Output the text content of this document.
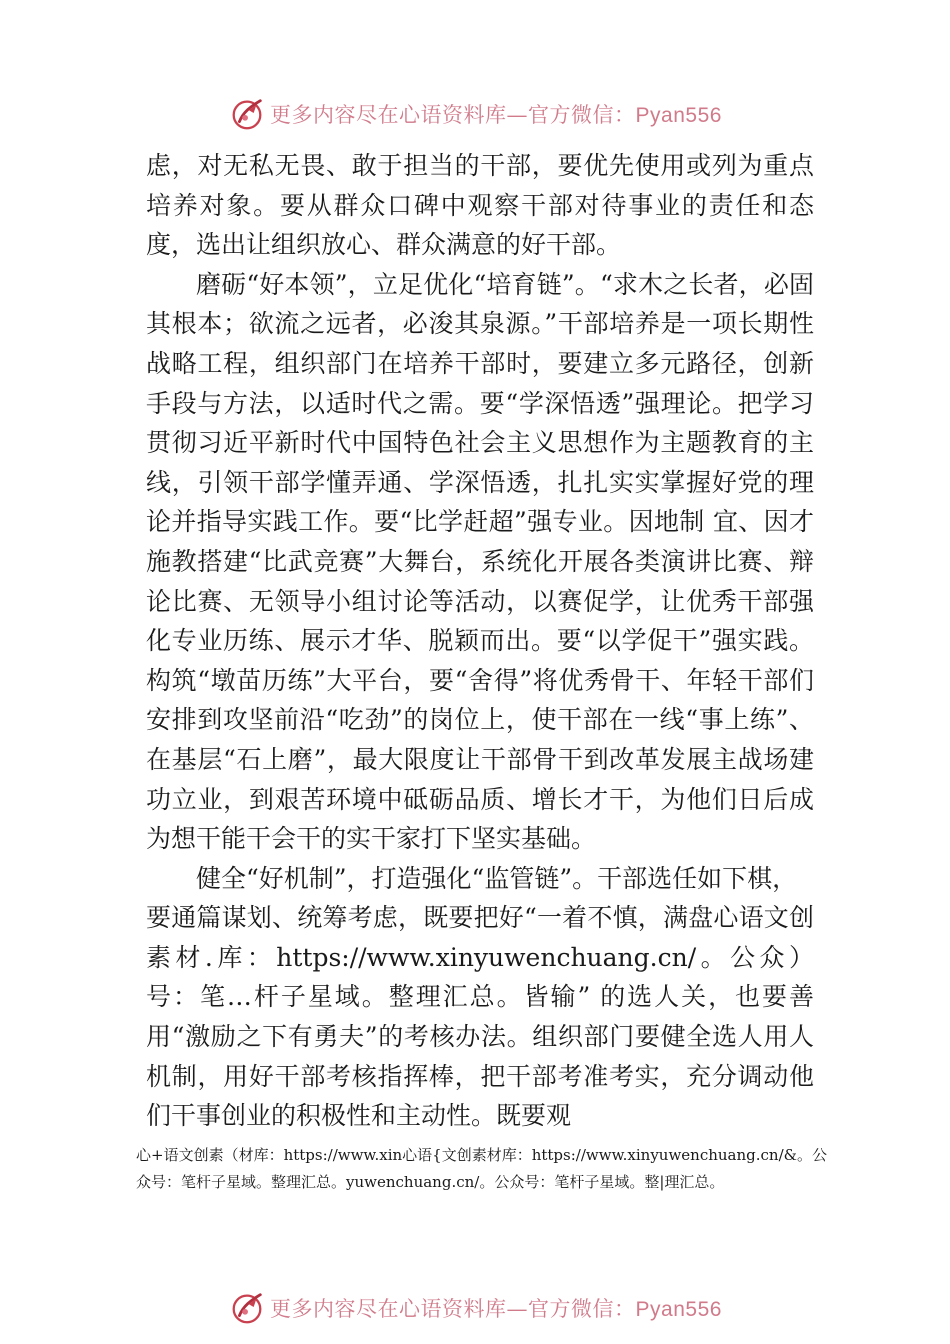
更多内容尽在心语资料库—官方微信：Pyan556

虑，对无私无畏、敢于担当的干部，要优先使用或列为重点培养对象。要从群众口碑中观察干部对待事业的责任和态度，选出让组织放心、群众满意的好干部。

磨砺“好本领”，立足优化“培育链”。“求木之长者，必固其根本；欲流之远者，必浚其泉源。”干部培养是一项长期性战略工程，组织部门在培养干部时，要建立多元路径，创新手段与方法，以适时代之需。要“学深悟透”强理论。把学习贯彻习近平新时代中国特色社会主义思想作为主题教育的主线，引领干部学懂弄通、学深悟透，扎扎实实掌握好党的理论并指导实践工作。要“比学赶超”强专业。因地制 宜、因才施教搭建“比武竞赛”大舞台，系统化开展各类演讲比赛、辩论比赛、无领导小组讨论等活动，以赛促学，让优秀干部强化专业历练、展示才华、脱颖而出。要“以学促干”强实践。构筑“墩苗历练”大平台，要“舍得”将优秀骨干、年轻干部们安排到攻坚前沿“吃劲”的岗位上，使干部在一线“事上练”、在基层“石上磨”，最大限度让干部骨干到改革发展主战场建功立业，到艰苦环境中砥砺品质、增长才干，为他们日后成为想干能干会干的实干家打下坚实基础。

健全“好机制”，打造强化“监管链”。干部选任如下棋，

要通篇谋划、统筹考虑，既要把好“一着不慎，满盘心语文创素材.库：https://www.xinyuwenchuang.cn/。公众）号：笔…杆子星域。整理汇总。皆输” 的选人关，也要善用“激励之下有勇夫”的考核办法。组织部门要健全选人用人机制，用好干部考核指挥棒，把干部考准考实，充分调动他们干事创业的积极性和主动性。既要观

心+语文创素（材库：https://www.xin心语{文创素材库：https://www.xinyuwenchuang.cn/&。公众号：笔杆子星域。整理汇总。yuwenchuang.cn/。公众号：笔杆子星域。整|理汇总。
更多内容尽在心语资料库—官方微信：Pyan556
